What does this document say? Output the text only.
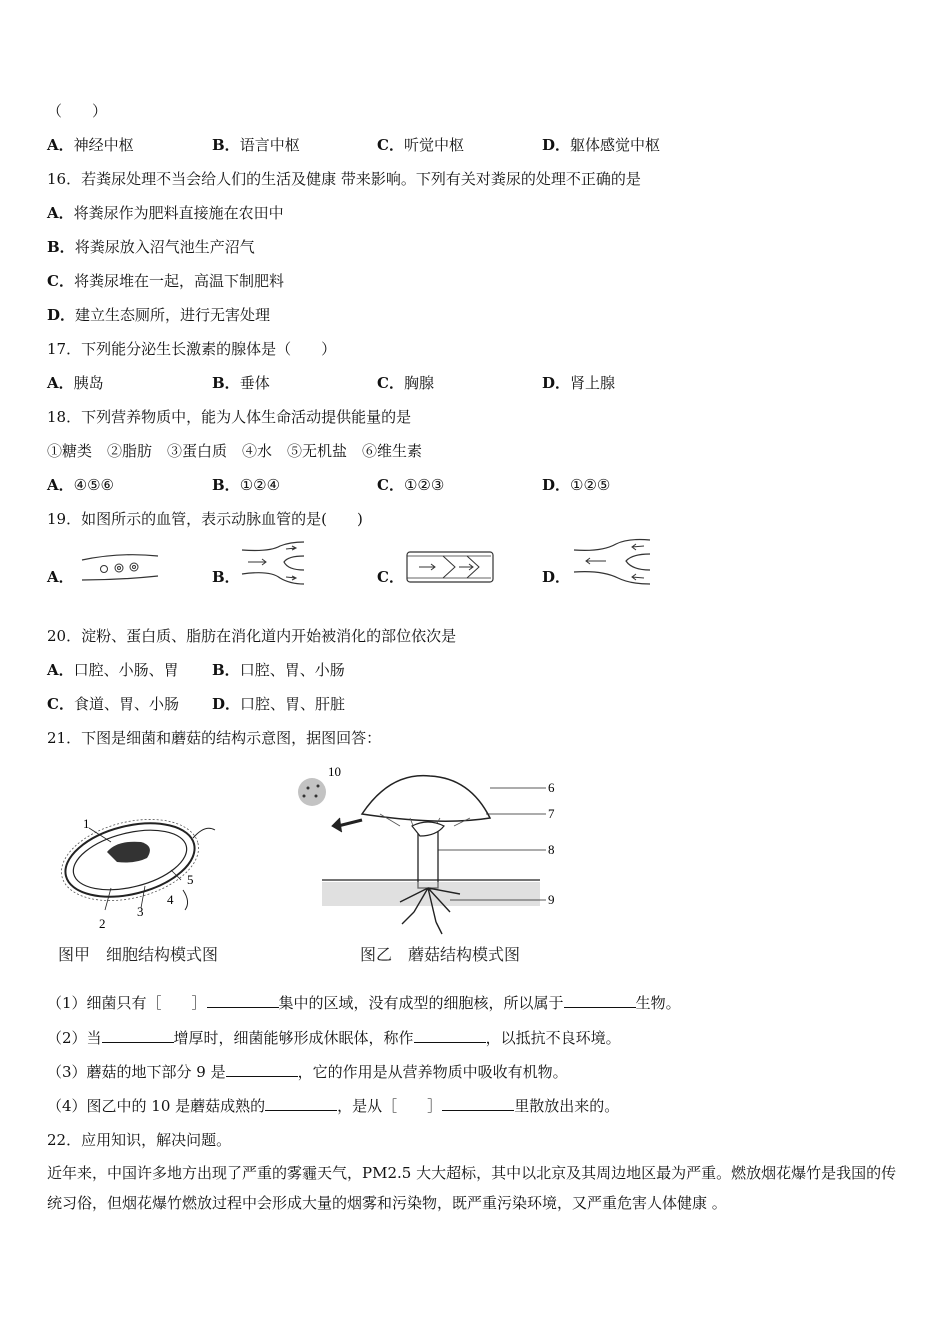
（　　）
A．神经中枢	B．语言中枢	C．听觉中枢	D．躯体感觉中枢
16．若粪尿处理不当会给人们的生活及健康 带来影响。下列有关对粪尿的处理不正确的是
A．将粪尿作为肥料直接施在农田中
B．将粪尿放入沼气池生产沼气
C．将粪尿堆在一起，高温下制肥料
D．建立生态厕所，进行无害处理
17．下列能分泌生长激素的腺体是（　　）
A．胰岛	B．垂体	C．胸腺	D．肾上腺
18．下列营养物质中，能为人体生命活动提供能量的是
①糖类　②脂肪　③蛋白质　④水　⑤无机盐　⑥维生素
A．④⑤⑥	B．①②④	C．①②③	D．①②⑤
19．如图所示的血管，表示动脉血管的是(　　)
A．	B．	C．	D．
20．淀粉、蛋白质、脂肪在消化道内开始被消化的部位依次是
A．口腔、小肠、胃 B．口腔、胃、小肠
C．食道、胃、小肠 D．口腔、胃、肝脏
21．下图是细菌和蘑菇的结构示意图，据图回答：
1
2
3
4
5
图甲　细胞结构模式图
10
6
7
8
9
图乙　蘑菇结构模式图
（1）细菌只有［　　］	集中的区域，没有成型的细胞核，所以属于	生物。
（2）当	增厚时，细菌能够形成休眠体，称作	，以抵抗不良环境。
（3）蘑菇的地下部分 9 是	，它的作用是从营养物质中吸收有机物。
（4）图乙中的 10 是蘑菇成熟的	，是从［　　］	里散放出来的。
22．应用知识，解决问题。
近年来，中国许多地方出现了严重的雾霾天气，PM2.5 大大超标，其中以北京及其周边地区最为严重。燃放烟花爆竹是我国的传统习俗，但烟花爆竹燃放过程中会形成大量的烟雾和污染物，既严重污染环境，又严重危害人体健康 。
